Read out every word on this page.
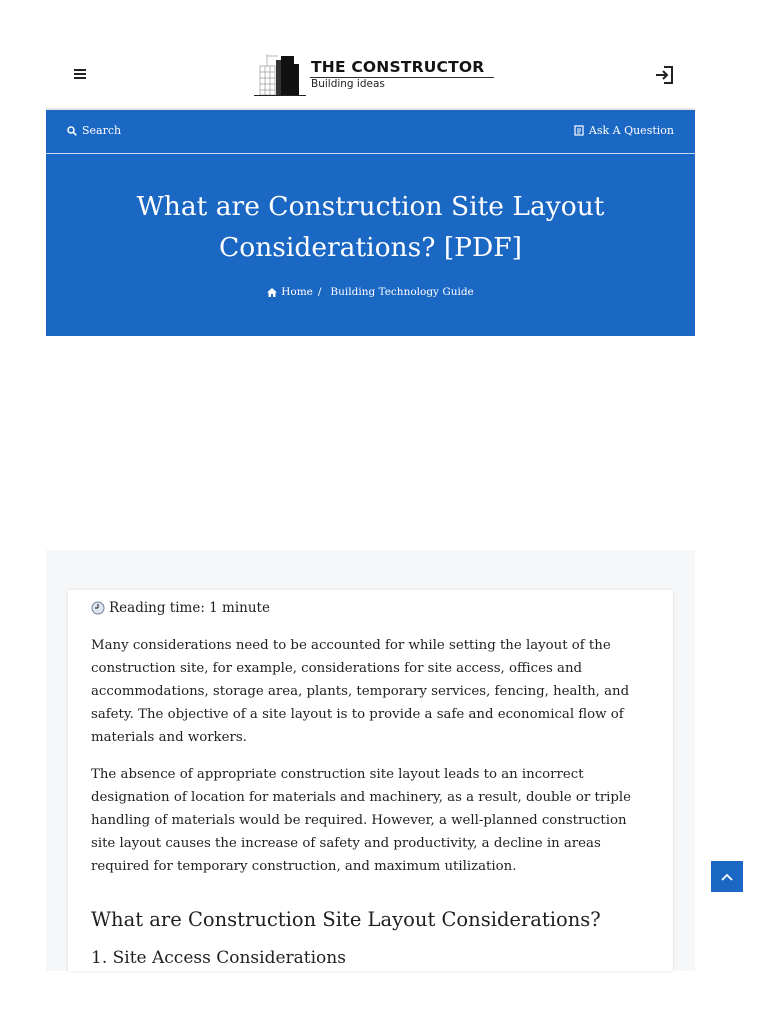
THE CONSTRUCTOR
Building ideas
Search	Ask A Question
What are Construction Site Layout Considerations? [PDF]
Home / Building Technology Guide
Reading time: 1 minute

Many considerations need to be accounted for while setting the layout of the construction site, for example, considerations for site access, offices and accommodations, storage area, plants, temporary services, fencing, health, and safety. The objective of a site layout is to provide a safe and economical flow of materials and workers.

The absence of appropriate construction site layout leads to an incorrect designation of location for materials and machinery, as a result, double or triple handling of materials would be required. However, a well-planned construction site layout causes the increase of safety and productivity, a decline in areas required for temporary construction, and maximum utilization.

What are Construction Site Layout Considerations?
1. Site Access Considerations
